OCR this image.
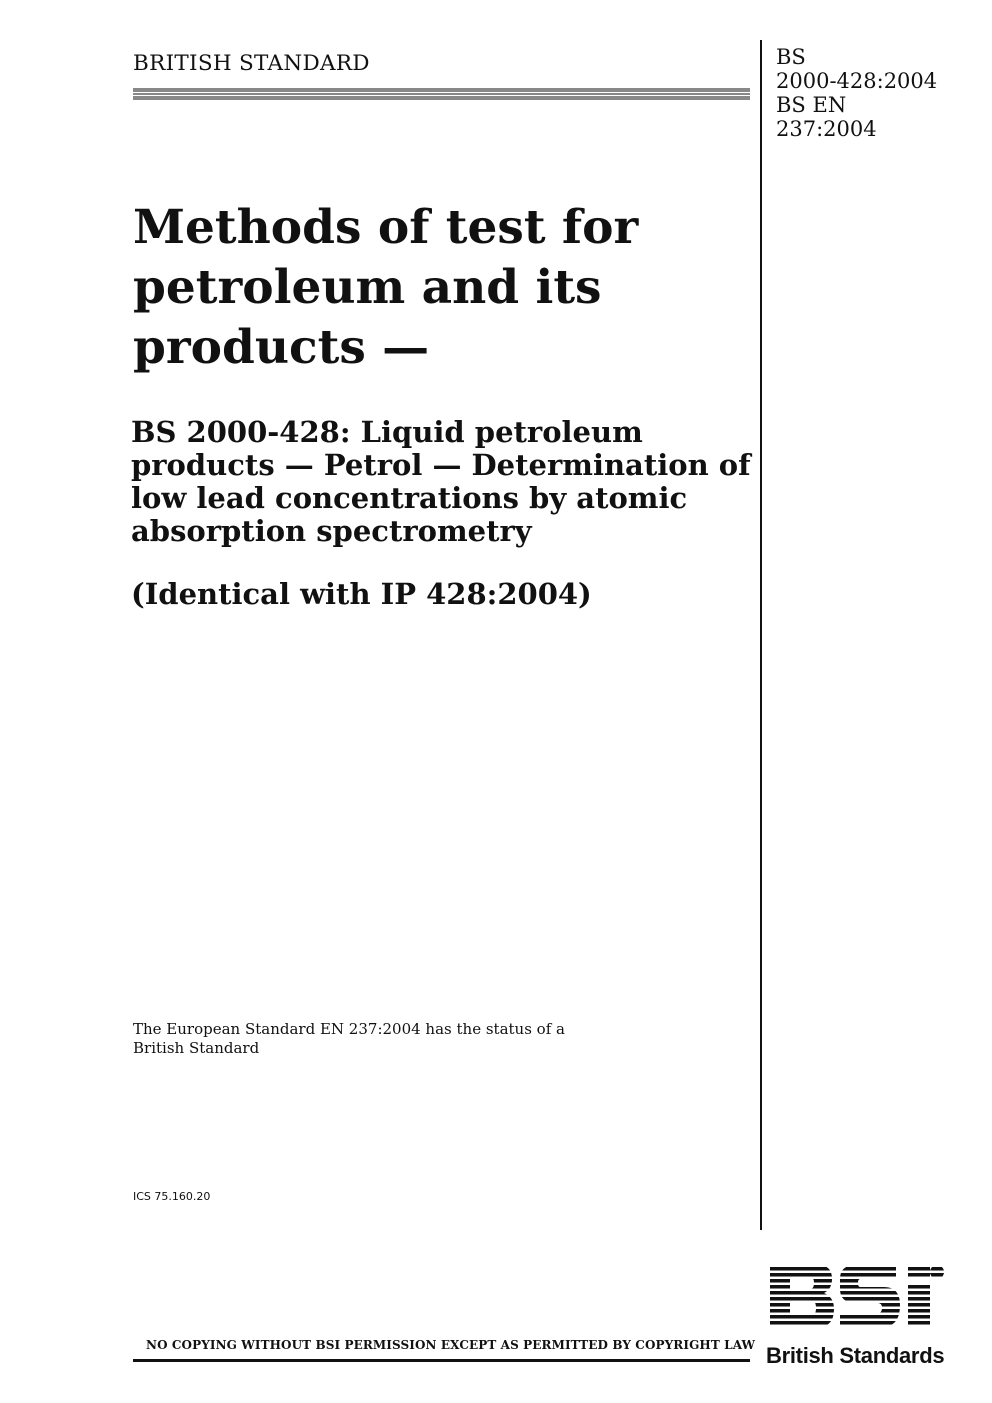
BRITISH STANDARD	BS
2000-428:2004
BS EN
237:2004
Methods of test for
petroleum and its
products —
BS 2000-428: Liquid petroleum
products — Petrol — Determination of
low lead concentrations by atomic
absorption spectrometry
(Identical with IP 428:2004)
The European Standard EN 237:2004 has the status of a
British Standard
ICS 75.160.20
NO COPYING WITHOUT BSI PERMISSION EXCEPT AS PERMITTED BY COPYRIGHT LAW British Standards
